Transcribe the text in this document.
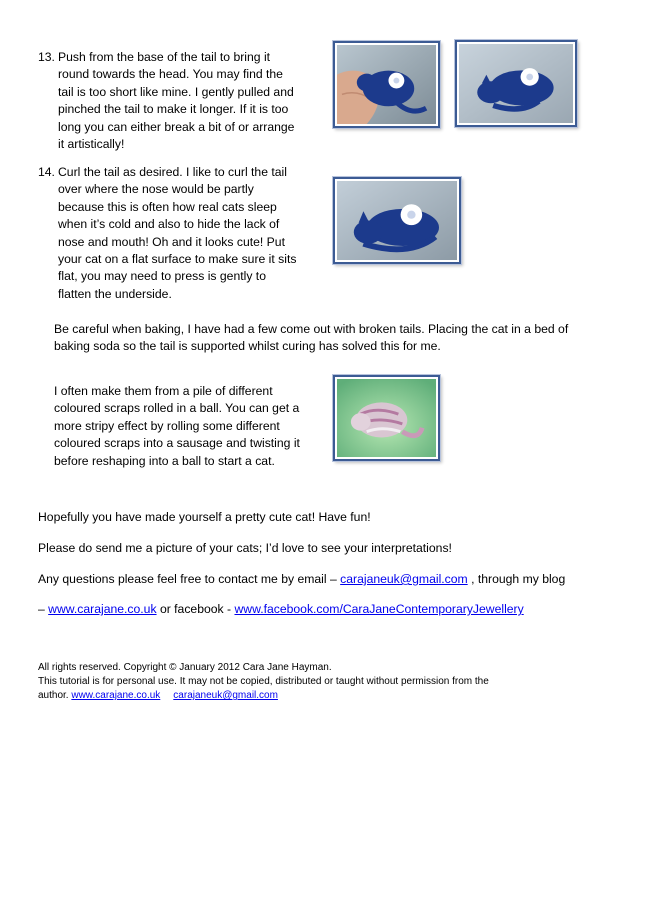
13. Push from the base of the tail to bring it

round towards the head. You may find the

tail is too short like mine. I gently pulled and

pinched the tail to make it longer. If it is too

long you can either break a bit of or arrange

it artistically!

14. Curl the tail as desired. I like to curl the tail

over where the nose would be partly

because this is often how real cats sleep

when it’s cold and also to hide the lack of

nose and mouth! Oh and it looks cute! Put

your cat on a flat surface to make sure it sits

flat, you may need to press is gently to

flatten the underside.

Be careful when baking, I have had a few come out with broken tails. Placing the cat in a bed of

baking soda so the tail is supported whilst curing has solved this for me.

I often make them from a pile of different

coloured scraps rolled in a ball. You can get a

more stripy effect by rolling some different

coloured scraps into a sausage and twisting it

before reshaping into a ball to start a cat.

Hopefully you have made yourself a pretty cute cat! Have fun!

Please do send me a picture of your cats; I’d love to see your interpretations!

Any questions please feel free to contact me by email – carajaneuk@gmail.com , through my blog

– www.carajane.co.uk or facebook - www.facebook.com/CaraJaneContemporaryJewellery

All rights reserved. Copyright © January 2012 Cara Jane Hayman.

This tutorial is for personal use. It may not be copied, distributed or taught without permission from the

author. www.carajane.co.uk carajaneuk@gmail.com
